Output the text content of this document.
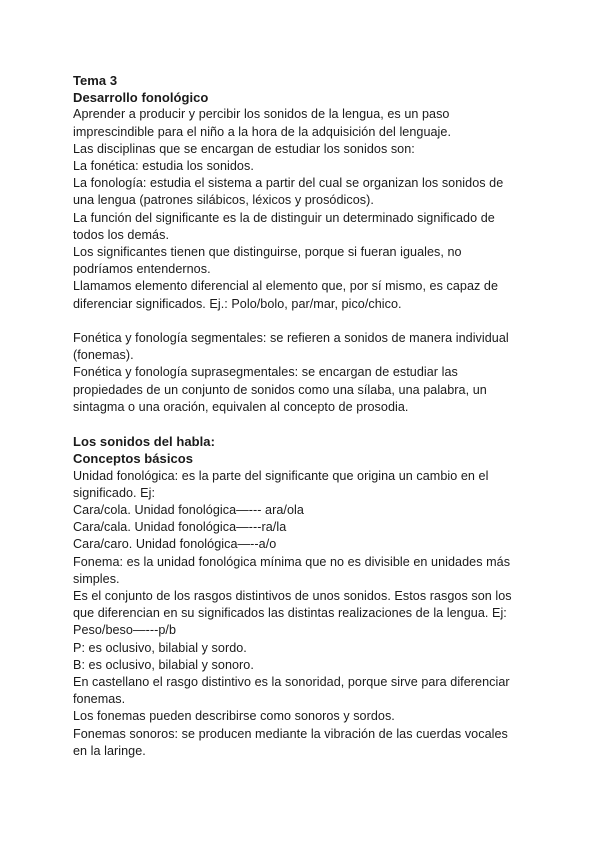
Tema 3
Desarrollo fonológico
Aprender a producir y percibir los sonidos de la lengua, es un paso
imprescindible para el niño a la hora de la adquisición del lenguaje.
Las disciplinas que se encargan de estudiar los sonidos son:
La fonética: estudia los sonidos.
La fonología: estudia el sistema a partir del cual se organizan los sonidos de
una lengua (patrones silábicos, léxicos y prosódicos).
La función del significante es la de distinguir un determinado significado de
todos los demás.
Los significantes tienen que distinguirse, porque si fueran iguales, no
podríamos entendernos.
Llamamos elemento diferencial al elemento que, por sí mismo, es capaz de
diferenciar significados. Ej.: Polo/bolo, par/mar, pico/chico.
Fonética y fonología segmentales: se refieren a sonidos de manera individual
(fonemas).
Fonética y fonología suprasegmentales: se encargan de estudiar las
propiedades de un conjunto de sonidos como una sílaba, una palabra, un
sintagma o una oración, equivalen al concepto de prosodia.
Los sonidos del habla:
Conceptos básicos
Unidad fonológica: es la parte del significante que origina un cambio en el
significado. Ej:
Cara/cola. Unidad fonológica—--- ara/ola
Cara/cala. Unidad fonológica—---ra/la
Cara/caro. Unidad fonológica—--a/o
Fonema: es la unidad fonológica mínima que no es divisible en unidades más
simples.
Es el conjunto de los rasgos distintivos de unos sonidos. Estos rasgos son los
que diferencian en su significados las distintas realizaciones de la lengua. Ej:
Peso/beso—---p/b
P: es oclusivo, bilabial y sordo.
B: es oclusivo, bilabial y sonoro.
En castellano el rasgo distintivo es la sonoridad, porque sirve para diferenciar
fonemas.
Los fonemas pueden describirse como sonoros y sordos.
Fonemas sonoros: se producen mediante la vibración de las cuerdas vocales
en la laringe.
